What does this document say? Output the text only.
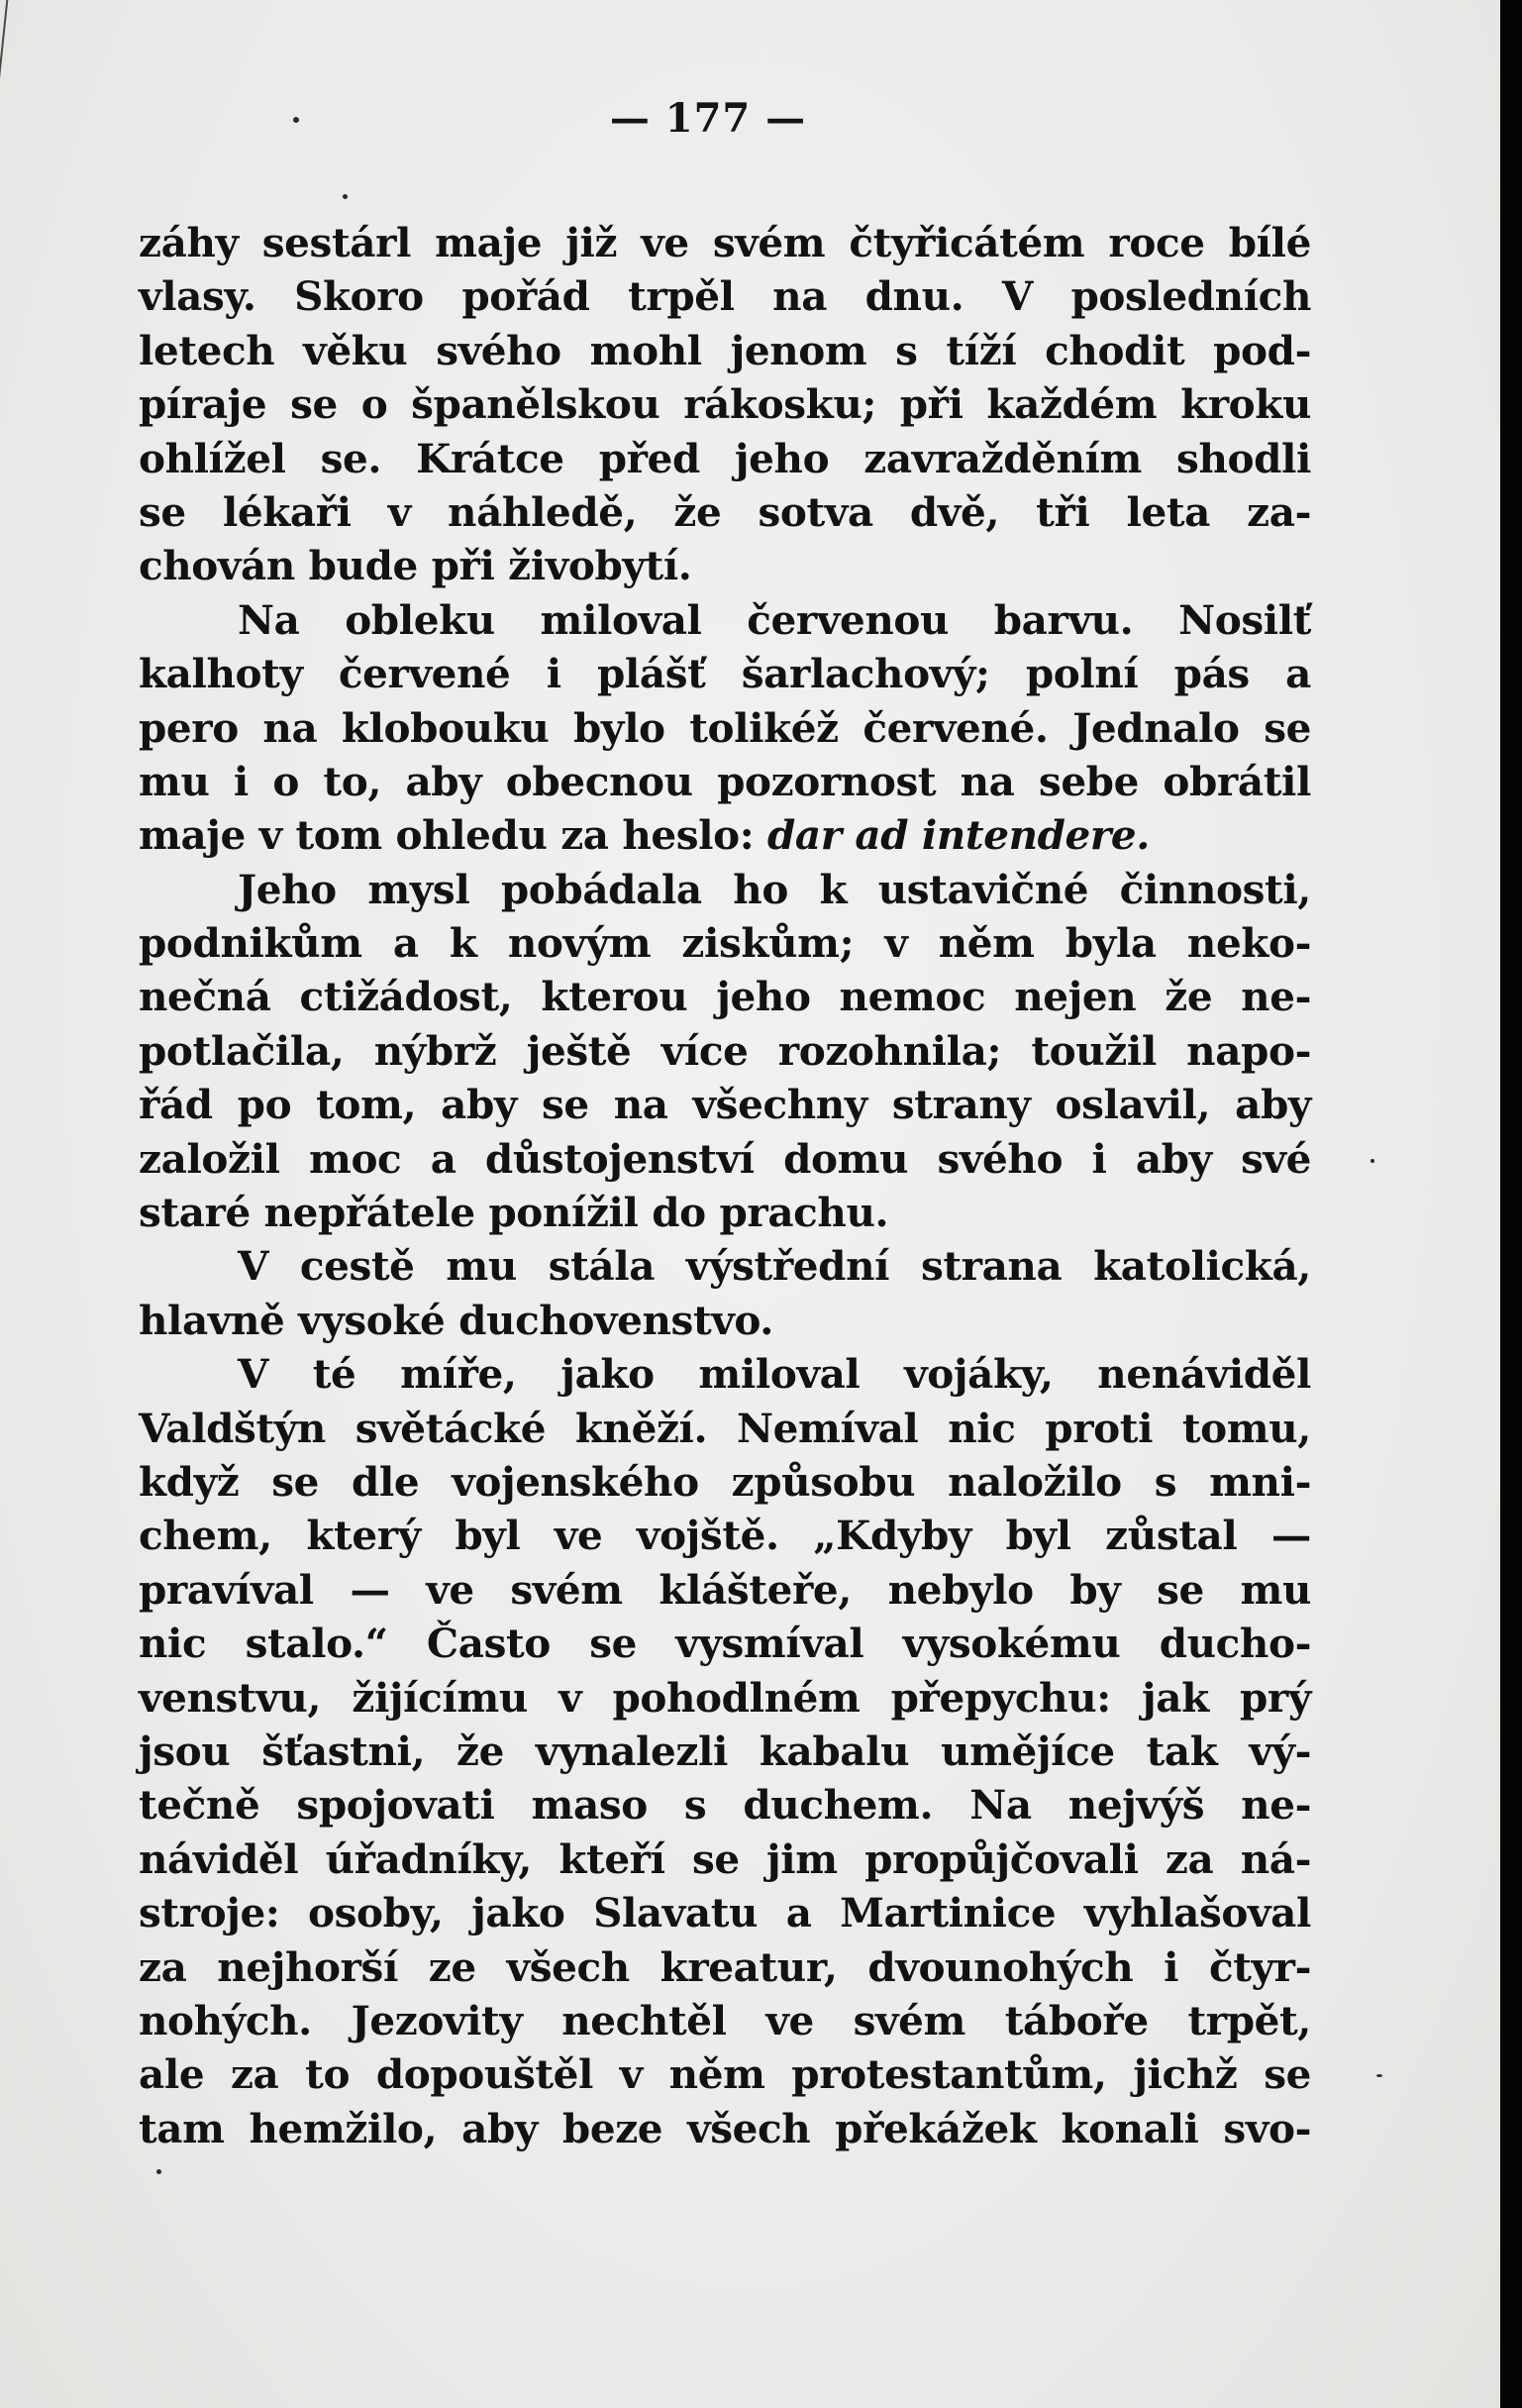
— 177 —
záhy sestárl maje již ve svém čtyřicátém roce bílé
vlasy. Skoro pořád trpěl na dnu. V posledních
letech věku svého mohl jenom s tíží chodit pod-
píraje se o španělskou rákosku; při každém kroku
ohlížel se. Krátce před jeho zavražděním shodli
se lékaři v náhledě, že sotva dvě, tři leta za-
chován bude při živobytí.
Na obleku miloval červenou barvu. Nosilť
kalhoty červené i plášť šarlachový; polní pás a
pero na klobouku bylo tolikéž červené. Jednalo se
mu i o to, aby obecnou pozornost na sebe obrátil
maje v tom ohledu za heslo: dar ad intendere.
Jeho mysl pobádala ho k ustavičné činnosti,
podnikům a k novým ziskům; v něm byla neko-
nečná ctižádost, kterou jeho nemoc nejen že ne-
potlačila, nýbrž ještě více rozohnila; toužil napo-
řád po tom, aby se na všechny strany oslavil, aby
založil moc a důstojenství domu svého i aby své
staré nepřátele ponížil do prachu.
V cestě mu stála výstřední strana katolická,
hlavně vysoké duchovenstvo.
V té míře, jako miloval vojáky, nenáviděl
Valdštýn světácké kněží. Nemíval nic proti tomu,
když se dle vojenského způsobu naložilo s mni-
chem, který byl ve vojště. „Kdyby byl zůstal —
pravíval — ve svém klášteře, nebylo by se mu
nic stalo.“ Často se vysmíval vysokému ducho-
venstvu, žijícímu v pohodlném přepychu: jak prý
jsou šťastni, že vynalezli kabalu umějíce tak vý-
tečně spojovati maso s duchem. Na nejvýš ne-
náviděl úřadníky, kteří se jim propůjčovali za ná-
stroje: osoby, jako Slavatu a Martinice vyhlašoval
za nejhorší ze všech kreatur, dvounohých i čtyr-
nohých. Jezovity nechtěl ve svém táboře trpět,
ale za to dopouštěl v něm protestantům, jichž se
tam hemžilo, aby beze všech překážek konali svo-
